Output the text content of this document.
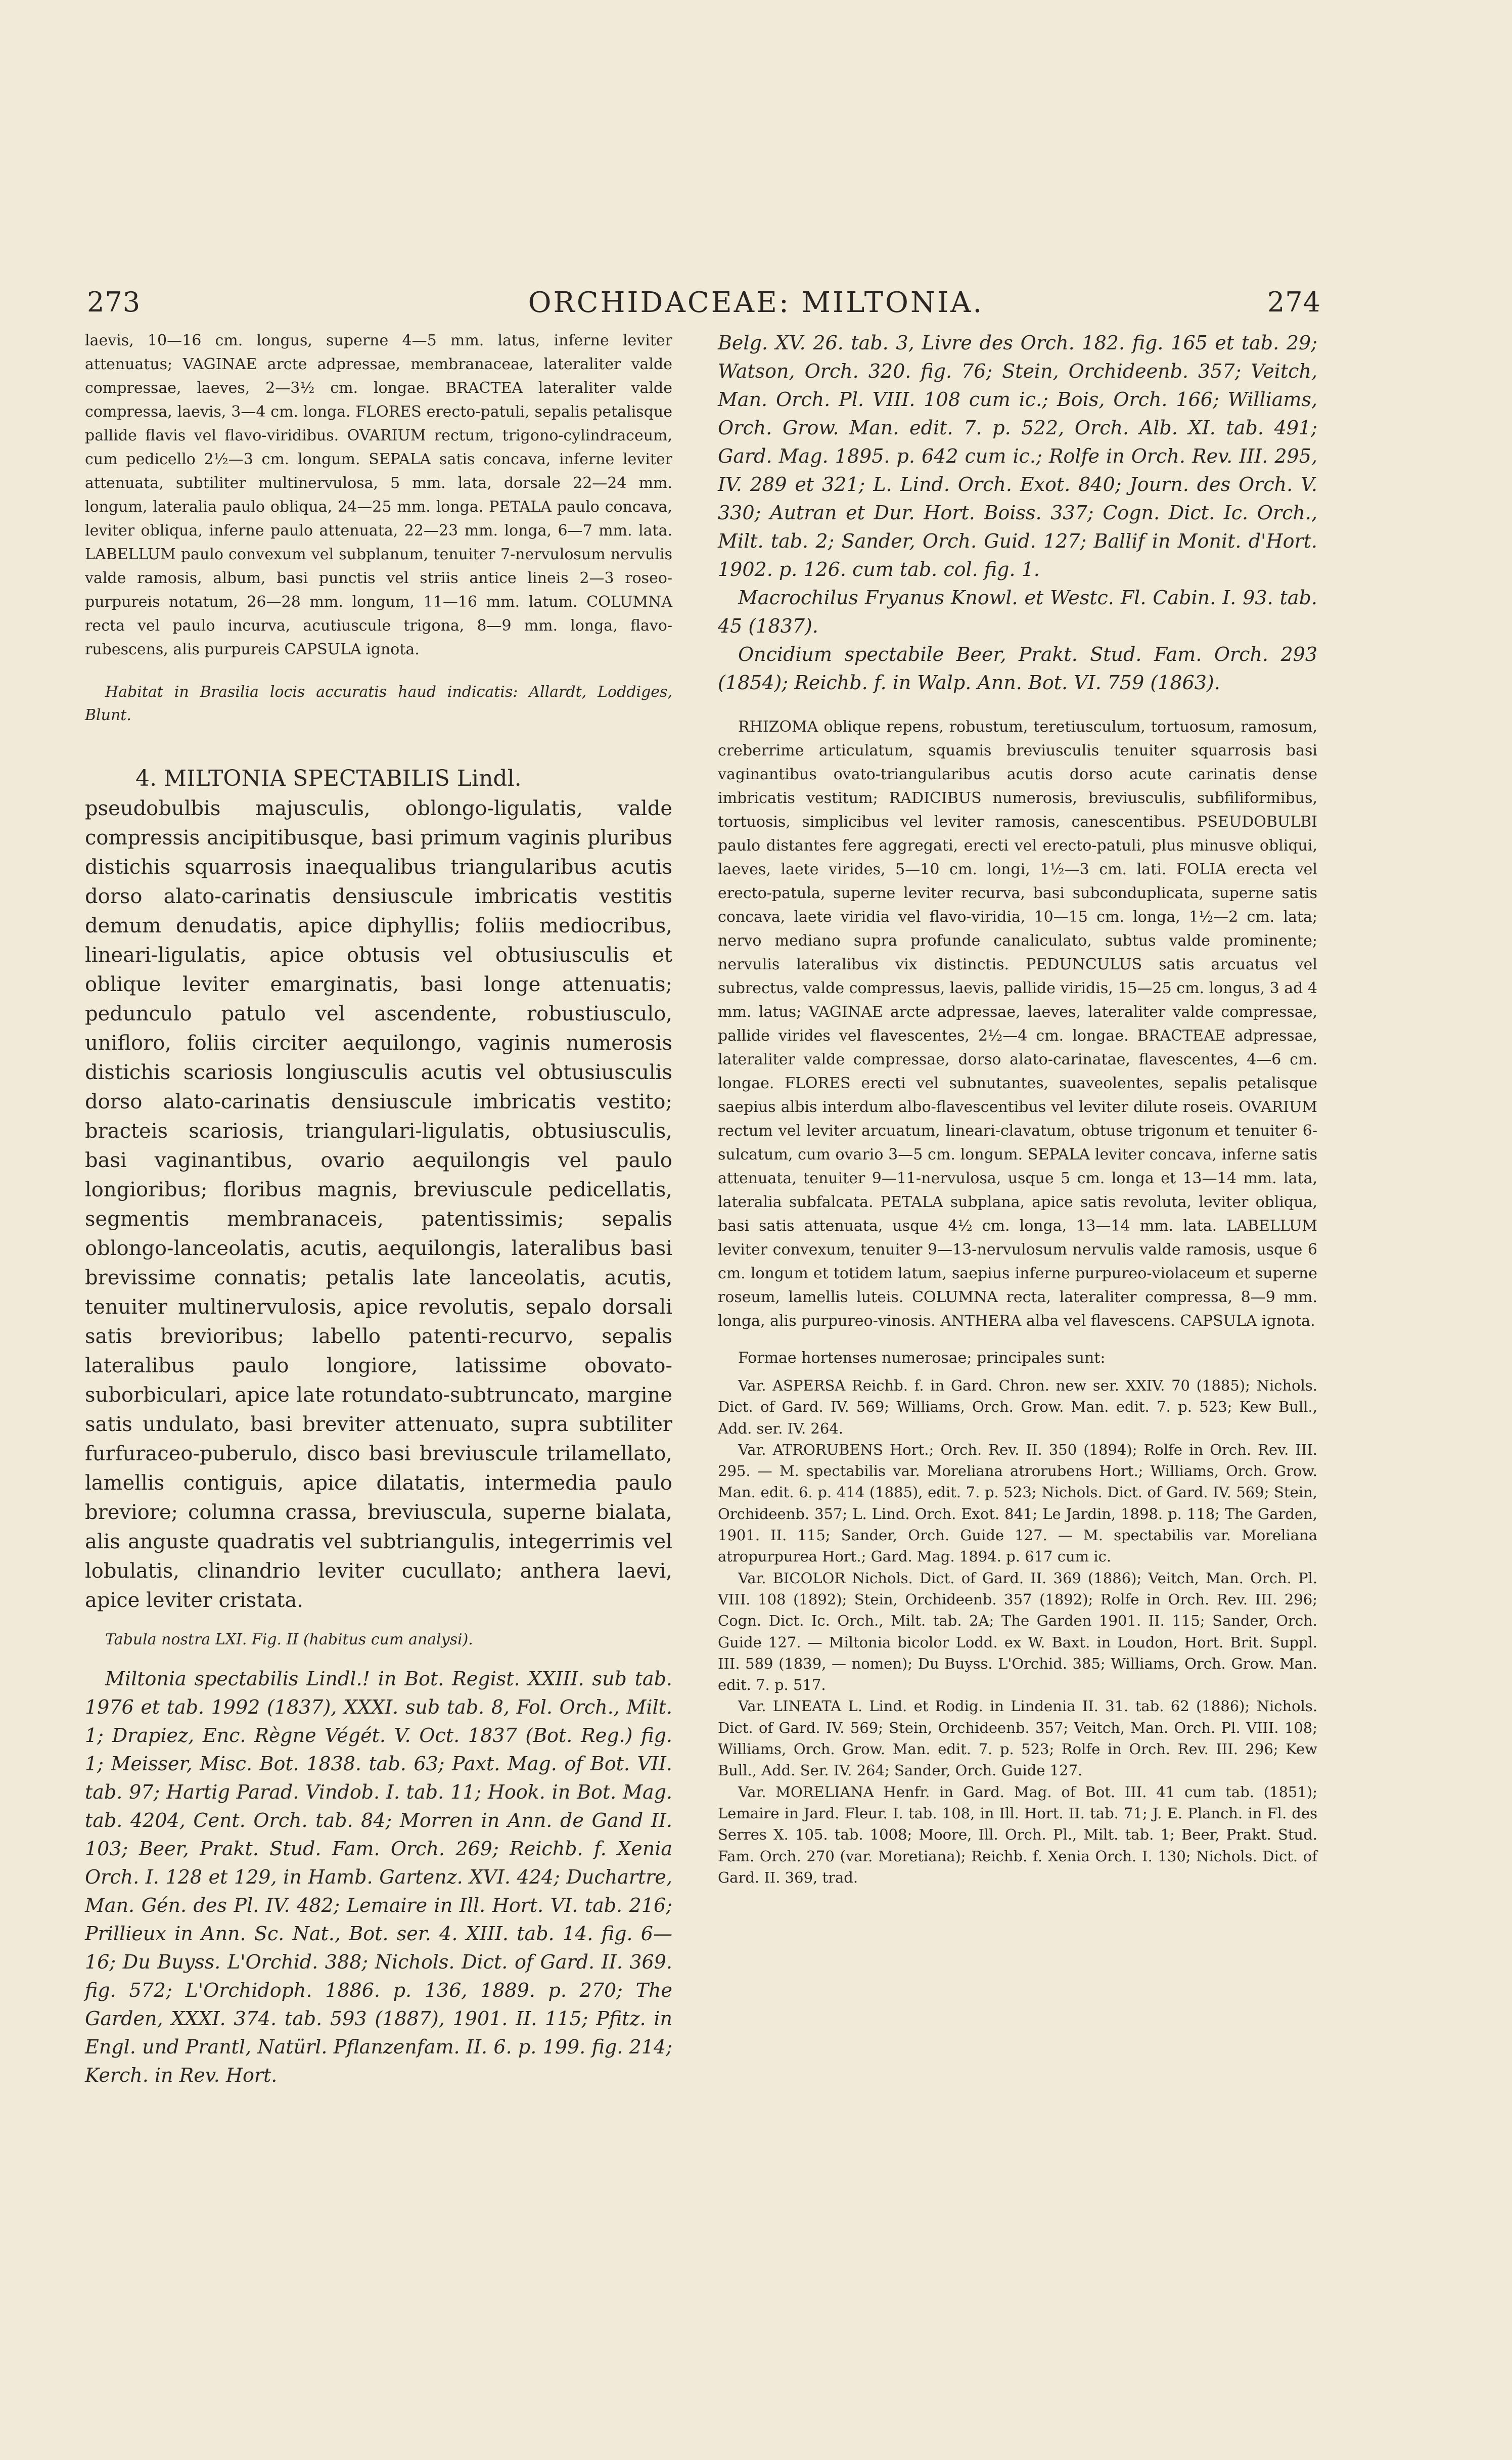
273	ORCHIDACEAE: MILTONIA.	274

laevis, 10—16 cm. longus, superne 4—5 mm. latus, inferne leviter attenuatus; VAGINAE arcte adpressae, membranaceae, lateraliter valde compressae, laeves, 2—3½ cm. longae. BRACTEA lateraliter valde compressa, laevis, 3—4 cm. longa. FLORES erecto-patuli, sepalis petalisque pallide flavis vel flavo-viridibus. OVARIUM rectum, trigono-cylindraceum, cum pedicello 2½—3 cm. longum. SEPALA satis concava, inferne leviter attenuata, subtiliter multinervulosa, 5 mm. lata, dorsale 22—24 mm. longum, lateralia paulo obliqua, 24—25 mm. longa. PETALA paulo concava, leviter obliqua, inferne paulo attenuata, 22—23 mm. longa, 6—7 mm. lata. LABELLUM paulo convexum vel subplanum, tenuiter 7-nervulosum nervulis valde ramosis, album, basi punctis vel striis antice lineis 2—3 roseo-purpureis notatum, 26—28 mm. longum, 11—16 mm. latum. COLUMNA recta vel paulo incurva, acutiuscule trigona, 8—9 mm. longa, flavo-rubescens, alis purpureis CAPSULA ignota.

Habitat in Brasilia locis accuratis haud indicatis: Allardt, Loddiges, Blunt.

4. MILTONIA SPECTABILIS Lindl.

pseudobulbis majusculis, oblongo-ligulatis, valde compressis ancipitibusque, basi primum vaginis pluribus distichis squarrosis inaequalibus triangularibus acutis dorso alato-carinatis densiuscule imbricatis vestitis demum denudatis, apice diphyllis; foliis mediocribus, lineari-ligulatis, apice obtusis vel obtusiusculis et oblique leviter emarginatis, basi longe attenuatis; pedunculo patulo vel ascendente, robustiusculo, unifloro, foliis circiter aequilongo, vaginis numerosis distichis scariosis longiusculis acutis vel obtusiusculis dorso alato-carinatis densiuscule imbricatis vestito; bracteis scariosis, triangulari-ligulatis, obtusiusculis, basi vaginantibus, ovario aequilongis vel paulo longioribus; floribus magnis, breviuscule pedicellatis, segmentis membranaceis, patentissimis; sepalis oblongo-lanceolatis, acutis, aequilongis, lateralibus basi brevissime connatis; petalis late lanceolatis, acutis, tenuiter multinervulosis, apice revolutis, sepalo dorsali satis brevioribus; labello patenti-recurvo, sepalis lateralibus paulo longiore, latissime obovato-suborbiculari, apice late rotundato-subtruncato, margine satis undulato, basi breviter attenuato, supra subtiliter furfuraceo-puberulo, disco basi breviuscule trilamellato, lamellis contiguis, apice dilatatis, intermedia paulo breviore; columna crassa, breviuscula, superne bialata, alis anguste quadratis vel subtriangulis, integerrimis vel lobulatis, clinandrio leviter cucullato; anthera laevi, apice leviter cristata.

Tabula nostra LXI. Fig. II (habitus cum analysi).

Miltonia spectabilis Lindl.! in Bot. Regist. XXIII. sub tab. 1976 et tab. 1992 (1837), XXXI. sub tab. 8, Fol. Orch., Milt. 1; Drapiez, Enc. Règne Végét. V. Oct. 1837 (Bot. Reg.) fig. 1; Meisser, Misc. Bot. 1838. tab. 63; Paxt. Mag. of Bot. VII. tab. 97; Hartig Parad. Vindob. I. tab. 11; Hook. in Bot. Mag. tab. 4204, Cent. Orch. tab. 84; Morren in Ann. de Gand II. 103; Beer, Prakt. Stud. Fam. Orch. 269; Reichb. f. Xenia Orch. I. 128 et 129, in Hamb. Gartenz. XVI. 424; Duchartre, Man. Gén. des Pl. IV. 482; Lemaire in Ill. Hort. VI. tab. 216; Prillieux in Ann. Sc. Nat., Bot. ser. 4. XIII. tab. 14. fig. 6—16; Du Buyss. L'Orchid. 388; Nichols. Dict. of Gard. II. 369. fig. 572; L'Orchidoph. 1886. p. 136, 1889. p. 270; The Garden, XXXI. 374. tab. 593 (1887), 1901. II. 115; Pfitz. in Engl. und Prantl, Natürl. Pflanzenfam. II. 6. p. 199. fig. 214; Kerch. in Rev. Hort.

Belg. XV. 26. tab. 3, Livre des Orch. 182. fig. 165 et tab. 29; Watson, Orch. 320. fig. 76; Stein, Orchideenb. 357; Veitch, Man. Orch. Pl. VIII. 108 cum ic.; Bois, Orch. 166; Williams, Orch. Grow. Man. edit. 7. p. 522, Orch. Alb. XI. tab. 491; Gard. Mag. 1895. p. 642 cum ic.; Rolfe in Orch. Rev. III. 295, IV. 289 et 321; L. Lind. Orch. Exot. 840; Journ. des Orch. V. 330; Autran et Dur. Hort. Boiss. 337; Cogn. Dict. Ic. Orch., Milt. tab. 2; Sander, Orch. Guid. 127; Ballif in Monit. d'Hort. 1902. p. 126. cum tab. col. fig. 1.

Macrochilus Fryanus Knowl. et Westc. Fl. Cabin. I. 93. tab. 45 (1837).

Oncidium spectabile Beer, Prakt. Stud. Fam. Orch. 293 (1854); Reichb. f. in Walp. Ann. Bot. VI. 759 (1863).

RHIZOMA oblique repens, robustum, teretiusculum, tortuosum, ramosum, creberrime articulatum, squamis breviusculis tenuiter squarrosis basi vaginantibus ovato-triangularibus acutis dorso acute carinatis dense imbricatis vestitum; RADICIBUS numerosis, breviusculis, subfiliformibus, tortuosis, simplicibus vel leviter ramosis, canescentibus. PSEUDOBULBI paulo distantes fere aggregati, erecti vel erecto-patuli, plus minusve obliqui, laeves, laete virides, 5—10 cm. longi, 1½—3 cm. lati. FOLIA erecta vel erecto-patula, superne leviter recurva, basi subconduplicata, superne satis concava, laete viridia vel flavo-viridia, 10—15 cm. longa, 1½—2 cm. lata; nervo mediano supra profunde canaliculato, subtus valde prominente; nervulis lateralibus vix distinctis. PEDUNCULUS satis arcuatus vel subrectus, valde compressus, laevis, pallide viridis, 15—25 cm. longus, 3 ad 4 mm. latus; VAGINAE arcte adpressae, laeves, lateraliter valde compressae, pallide virides vel flavescentes, 2½—4 cm. longae. BRACTEAE adpressae, lateraliter valde compressae, dorso alato-carinatae, flavescentes, 4—6 cm. longae. FLORES erecti vel subnutantes, suaveolentes, sepalis petalisque saepius albis interdum albo-flavescentibus vel leviter dilute roseis. OVARIUM rectum vel leviter arcuatum, lineari-clavatum, obtuse trigonum et tenuiter 6-sulcatum, cum ovario 3—5 cm. longum. SEPALA leviter concava, inferne satis attenuata, tenuiter 9—11-nervulosa, usque 5 cm. longa et 13—14 mm. lata, lateralia subfalcata. PETALA subplana, apice satis revoluta, leviter obliqua, basi satis attenuata, usque 4½ cm. longa, 13—14 mm. lata. LABELLUM leviter convexum, tenuiter 9—13-nervulosum nervulis valde ramosis, usque 6 cm. longum et totidem latum, saepius inferne purpureo-violaceum et superne roseum, lamellis luteis. COLUMNA recta, lateraliter compressa, 8—9 mm. longa, alis purpureo-vinosis. ANTHERA alba vel flavescens. CAPSULA ignota.

Formae hortenses numerosae; principales sunt:

Var. ASPERSA Reichb. f. in Gard. Chron. new ser. XXIV. 70 (1885); Nichols. Dict. of Gard. IV. 569; Williams, Orch. Grow. Man. edit. 7. p. 523; Kew Bull., Add. ser. IV. 264.

Var. ATRORUBENS Hort.; Orch. Rev. II. 350 (1894); Rolfe in Orch. Rev. III. 295. — M. spectabilis var. Moreliana atrorubens Hort.; Williams, Orch. Grow. Man. edit. 6. p. 414 (1885), edit. 7. p. 523; Nichols. Dict. of Gard. IV. 569; Stein, Orchideenb. 357; L. Lind. Orch. Exot. 841; Le Jardin, 1898. p. 118; The Garden, 1901. II. 115; Sander, Orch. Guide 127. — M. spectabilis var. Moreliana atropurpurea Hort.; Gard. Mag. 1894. p. 617 cum ic.

Var. BICOLOR Nichols. Dict. of Gard. II. 369 (1886); Veitch, Man. Orch. Pl. VIII. 108 (1892); Stein, Orchideenb. 357 (1892); Rolfe in Orch. Rev. III. 296; Cogn. Dict. Ic. Orch., Milt. tab. 2A; The Garden 1901. II. 115; Sander, Orch. Guide 127. — Miltonia bicolor Lodd. ex W. Baxt. in Loudon, Hort. Brit. Suppl. III. 589 (1839, — nomen); Du Buyss. L'Orchid. 385; Williams, Orch. Grow. Man. edit. 7. p. 517.

Var. LINEATA L. Lind. et Rodig. in Lindenia II. 31. tab. 62 (1886); Nichols. Dict. of Gard. IV. 569; Stein, Orchideenb. 357; Veitch, Man. Orch. Pl. VIII. 108; Williams, Orch. Grow. Man. edit. 7. p. 523; Rolfe in Orch. Rev. III. 296; Kew Bull., Add. Ser. IV. 264; Sander, Orch. Guide 127.

Var. MORELIANA Henfr. in Gard. Mag. of Bot. III. 41 cum tab. (1851); Lemaire in Jard. Fleur. I. tab. 108, in Ill. Hort. II. tab. 71; J. E. Planch. in Fl. des Serres X. 105. tab. 1008; Moore, Ill. Orch. Pl., Milt. tab. 1; Beer, Prakt. Stud. Fam. Orch. 270 (var. Moretiana); Reichb. f. Xenia Orch. I. 130; Nichols. Dict. of Gard. II. 369, trad.
